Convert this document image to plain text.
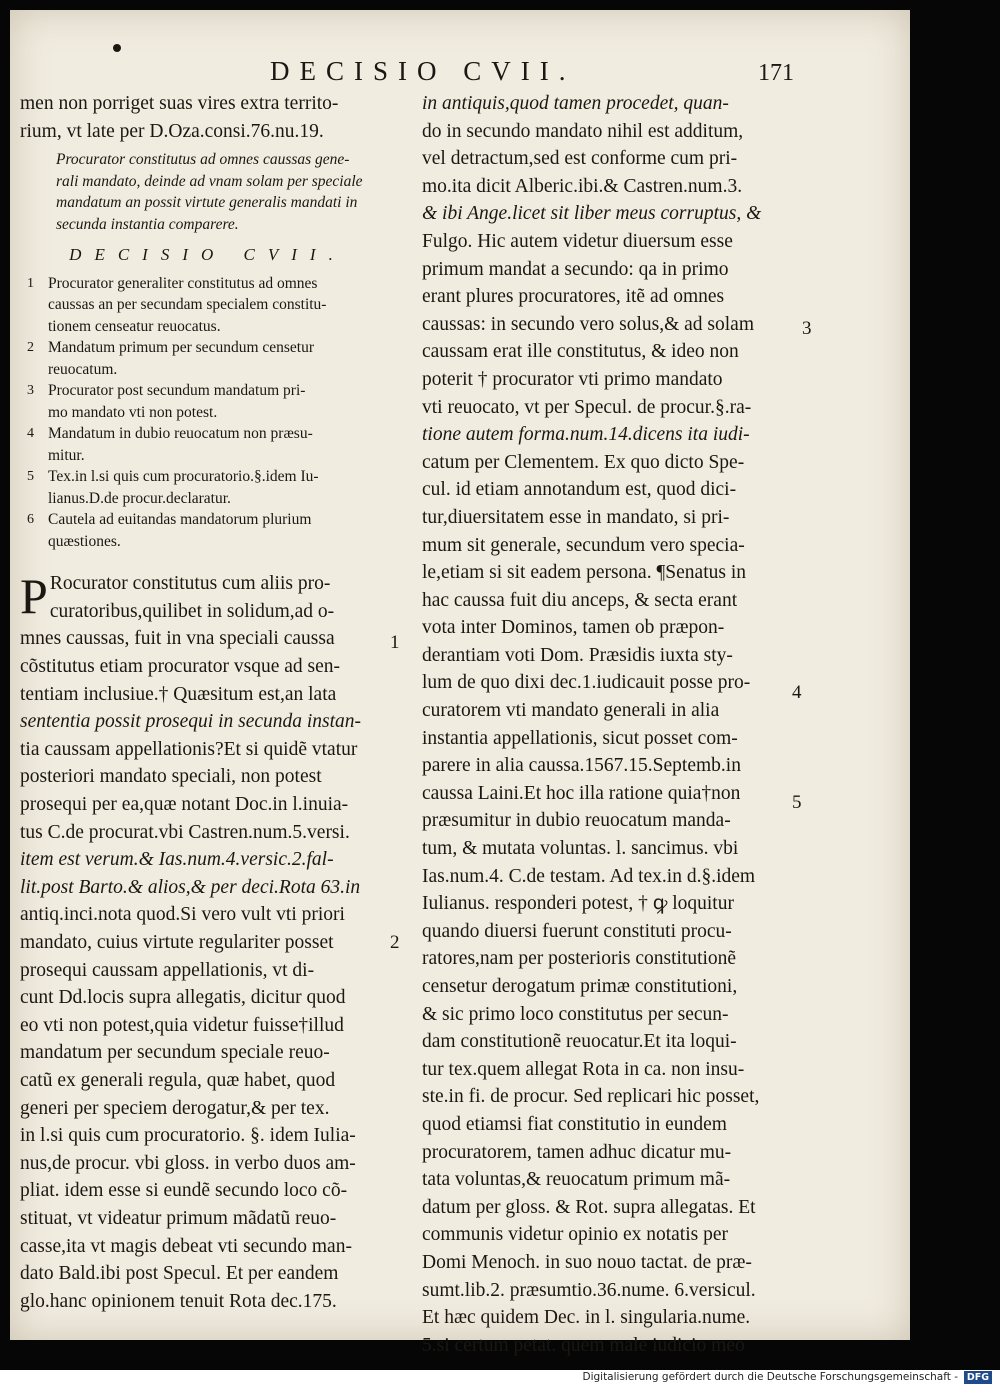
DECISIO CVII.	171
men non porriget suas vires extra territo-
rium, vt late per D.Oza.consi.76.nu.19.
Procurator constitutus ad omnes caussas gene-
rali mandato, deinde ad vnam solam per speciale
mandatum an possit virtute generalis mandati in
secunda instantia comparere.
DECISIO CVII.
1 Procurator generaliter constitutus ad omnes
caussas an per secundam specialem constitu-
tionem censeatur reuocatus.
2 Mandatum primum per secundum censetur
reuocatum.
3 Procurator post secundum mandatum pri-
mo mandato vti non potest.
4 Mandatum in dubio reuocatum non præsu-
mitur.
5 Tex.in l.si quis cum procuratorio.§.idem Iu-
lianus.D.de procur.declaratur.
6 Cautela ad euitandas mandatorum plurium
quæstiones.
P Rocurator constitutus cum aliis pro-
curatoribus,quilibet in solidum,ad o-
mnes caussas, fuit in vna speciali caussa
cõstitutus etiam procurator vsque ad sen-
tentiam inclusiue.† Quæsitum est,an lata
sententia possit prosequi in secunda instan-
tia caussam appellationis?Et si quidẽ vtatur
posteriori mandato speciali, non potest
prosequi per ea,quæ notant Doc.in l.inuia-
tus C.de procurat.vbi Castren.num.5.versi.
item est verum.& Ias.num.4.versic.2.fal-
lit.post Barto.& alios,& per deci.Rota 63.in
antiq.inci.nota quod.Si vero vult vti priori
mandato, cuius virtute regulariter posset
prosequi caussam appellationis, vt di-
cunt Dd.locis supra allegatis, dicitur quod
eo vti non potest,quia videtur fuisse†illud
mandatum per secundum speciale reuo-
catũ ex generali regula, quæ habet, quod
generi per speciem derogatur,& per tex.
in l.si quis cum procuratorio. §. idem Iulia-
nus,de procur. vbi gloss. in verbo duos am-
pliat. idem esse si eundẽ secundo loco cõ-
stituat, vt videatur primum mãdatũ reuo-
casse,ita vt magis debeat vti secundo man-
dato Bald.ibi post Specul. Et per eandem
glo.hanc opinionem tenuit Rota dec.175.
1
2
in antiquis,quod tamen procedet, quan-
do in secundo mandato nihil est additum,
vel detractum,sed est conforme cum pri-
mo.ita dicit Alberic.ibi.& Castren.num.3.
& ibi Ange.licet sit liber meus corruptus, &
Fulgo. Hic autem videtur diuersum esse
primum mandat a secundo: qa in primo
erant plures procuratores, itẽ ad omnes
caussas: in secundo vero solus,& ad solam
caussam erat ille constitutus, & ideo non
poterit † procurator vti primo mandato
vti reuocato, vt per Specul. de procur.§.ra-
tione autem forma.num.14.dicens ita iudi-
catum per Clementem. Ex quo dicto Spe-
cul. id etiam annotandum est, quod dici-
tur,diuersitatem esse in mandato, si pri-
mum sit generale, secundum vero specia-
le,etiam si sit eadem persona. ¶Senatus in
hac caussa fuit diu anceps, & secta erant
vota inter Dominos, tamen ob præpon-
derantiam voti Dom. Præsidis iuxta sty-
lum de quo dixi dec.1.iudicauit posse pro-
curatorem vti mandato generali in alia
instantia appellationis, sicut posset com-
parere in alia caussa.1567.15.Septemb.in
caussa Laini.Et hoc illa ratione quia†non
præsumitur in dubio reuocatum manda-
tum, & mutata voluntas. l. sancimus. vbi
Ias.num.4. C.de testam. Ad tex.in d.§.idem
Iulianus. responderi potest, † ꝙ loquitur
quando diuersi fuerunt constituti procu-
ratores,nam per posterioris constitutionẽ
censetur derogatum primæ constitutioni,
& sic primo loco constitutus per secun-
dam constitutionẽ reuocatur.Et ita loqui-
tur tex.quem allegat Rota in ca. non insu-
ste.in fi. de procur. Sed replicari hic posset,
quod etiamsi fiat constitutio in eundem
procuratorem, tamen adhuc dicatur mu-
tata voluntas,& reuocatum primum mã-
datum per gloss. & Rot. supra allegatas. Et
communis videtur opinio ex notatis per
Domi Menoch. in suo nouo tactat. de præ-
sumt.lib.2. præsumtio.36.nume. 6.versicul.
Et hæc quidem Dec. in l. singularia.nume.
5.si certum petat. quem male iudicio meo
3
4
5
Digitalisierung gefördert durch die Deutsche Forschungsgemeinschaft - DFG
